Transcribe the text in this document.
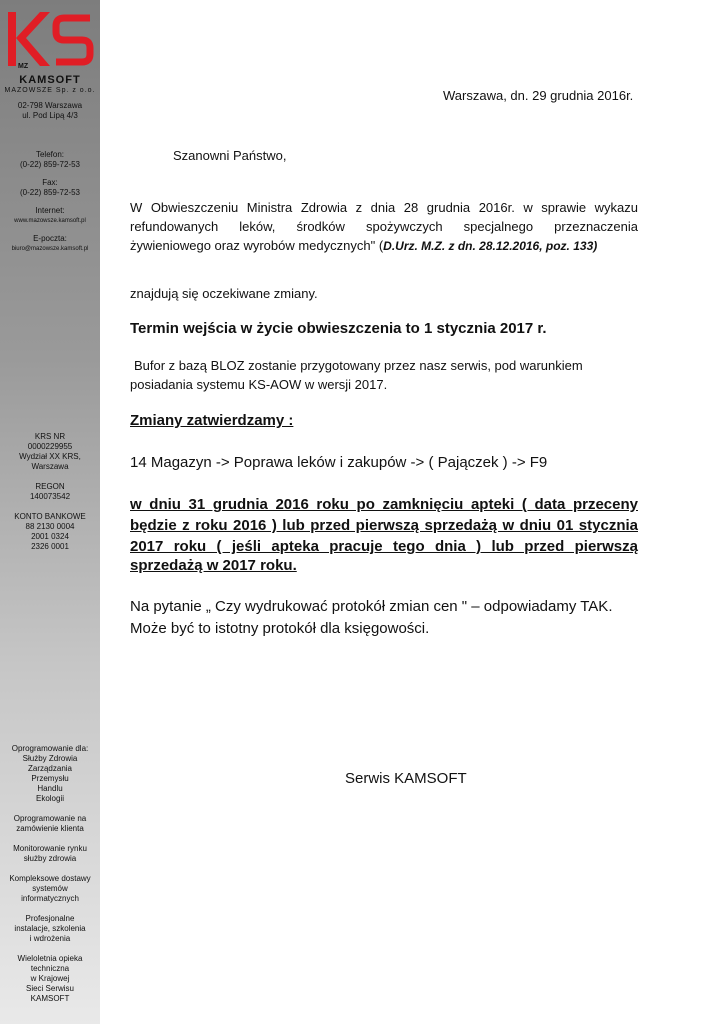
MZ
KAMSOFT
MAZOWSZE Sp. z o.o.
02-798 Warszawa
ul. Pod Lipą 4/3
Telefon:
(0-22) 859-72-53
Fax:
(0-22) 859-72-53
Internet:
www.mazowsze.kamsoft.pl
E-poczta:
biuro@mazowsze.kamsoft.pl
KRS NR
0000229955
Wydział XX KRS,
Warszawa
REGON
140073542
KONTO BANKOWE
88 2130 0004
2001 0324
2326 0001
Oprogramowanie dla:
Służby Zdrowia
Zarządzania
Przemysłu
Handlu
Ekologii
Oprogramowanie na
zamówienie klienta
Monitorowanie rynku
służby zdrowia
Kompleksowe dostawy
systemów
informatycznych
Profesjonalne
instalacje, szkolenia
i wdrożenia
Wieloletnia opieka
techniczna
w Krajowej
Sieci Serwisu
KAMSOFT
Warszawa, dn. 29 grudnia 2016r.
Szanowni Państwo,
W Obwieszczeniu Ministra Zdrowia z dnia 28 grudnia 2016r. w sprawie wykazu
refundowanych leków, środków spożywczych specjalnego przeznaczenia
żywieniowego oraz wyrobów medycznych" (D.Urz. M.Z. z dn. 28.12.2016, poz. 133)
znajdują się oczekiwane zmiany.
Termin wejścia w życie obwieszczenia to 1 stycznia 2017 r.
Bufor z bazą BLOZ zostanie przygotowany przez nasz serwis, pod warunkiem
posiadania systemu KS-AOW w wersji 2017.
Zmiany zatwierdzamy :
14 Magazyn -> Poprawa leków i zakupów -> ( Pajączek ) -> F9
w dniu 31 grudnia 2016 roku po zamknięciu apteki ( data przeceny
będzie z roku 2016 ) lub przed pierwszą sprzedażą w dniu 01 stycznia
2017 roku ( jeśli apteka pracuje tego dnia ) lub przed pierwszą
sprzedażą w 2017 roku.
Na pytanie „ Czy wydrukować protokół zmian cen " – odpowiadamy TAK.
Może być to istotny protokół dla księgowości.
Serwis KAMSOFT
